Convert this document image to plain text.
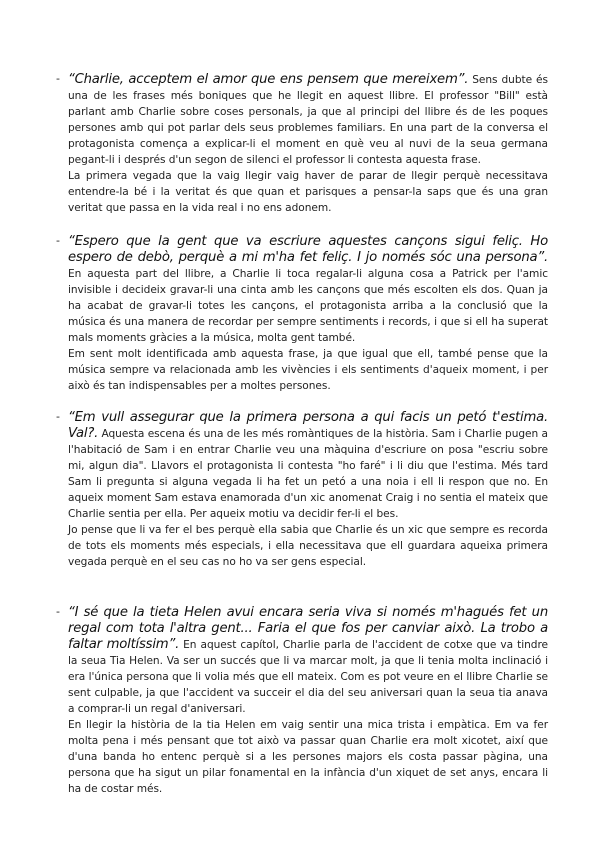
- “Charlie, acceptem el amor que ens pensem que mereixem”. Sens dubte és una de les frases més boniques que he llegit en aquest llibre. El professor "Bill" està parlant amb Charlie sobre coses personals, ja que al principi del llibre és de les poques persones amb qui pot parlar dels seus problemes familiars. En una part de la conversa el protagonista comença a explicar-li el moment en què veu al nuvi de la seua germana pegant-li i després d'un segon de silenci el professor li contesta aquesta frase.

La primera vegada que la vaig llegir vaig haver de parar de llegir perquè necessitava entendre-la bé i la veritat és que quan et parisques a pensar-la saps que és una gran veritat que passa en la vida real i no ens adonem.

- “Espero que la gent que va escriure aquestes cançons sigui feliç. Ho espero de debò, perquè a mi m'ha fet feliç. I jo només sóc una persona”. En aquesta part del llibre, a Charlie li toca regalar-li alguna cosa a Patrick per l'amic invisible i decideix gravar-li una cinta amb les cançons que més escolten els dos. Quan ja ha acabat de gravar-li totes les cançons, el protagonista arriba a la conclusió que la música és una manera de recordar per sempre sentiments i records, i que si ell ha superat mals moments gràcies a la música, molta gent també.

Em sent molt identificada amb aquesta frase, ja que igual que ell, també pense que la música sempre va relacionada amb les vivències i els sentiments d'aqueix moment, i per això és tan indispensables per a moltes persones.

- “Em vull assegurar que la primera persona a qui facis un petó t'estima. Val?. Aquesta escena és una de les més romàntiques de la història. Sam i Charlie pugen a l'habitació de Sam i en entrar Charlie veu una màquina d'escriure on posa "escriu sobre mi, algun dia". Llavors el protagonista li contesta "ho faré" i li diu que l'estima. Més tard Sam li pregunta si alguna vegada li ha fet un petó a una noia i ell li respon que no. En aqueix moment Sam estava enamorada d'un xic anomenat Craig i no sentia el mateix que Charlie sentia per ella. Per aqueix motiu va decidir fer-li el bes.

Jo pense que li va fer el bes perquè ella sabia que Charlie és un xic que sempre es recorda de tots els moments més especials, i ella necessitava que ell guardara aqueixa primera vegada perquè en el seu cas no ho va ser gens especial.

- “I sé que la tieta Helen avui encara seria viva si només m'hagués fet un regal com tota l'altra gent... Faria el que fos per canviar això. La trobo a faltar moltíssim”. En aquest capítol, Charlie parla de l'accident de cotxe que va tindre la seua Tia Helen. Va ser un succés que li va marcar molt, ja que li tenia molta inclinació i era l'única persona que li volia més que ell mateix. Com es pot veure en el llibre Charlie se sent culpable, ja que l'accident va succeir el dia del seu aniversari quan la seua tia anava a comprar-li un regal d'aniversari.

En llegir la història de la tia Helen em vaig sentir una mica trista i empàtica. Em va fer molta pena i més pensant que tot això va passar quan Charlie era molt xicotet, així que d'una banda ho entenc perquè si a les persones majors els costa passar pàgina, una persona que ha sigut un pilar fonamental en la infància d'un xiquet de set anys, encara li ha de costar més.
